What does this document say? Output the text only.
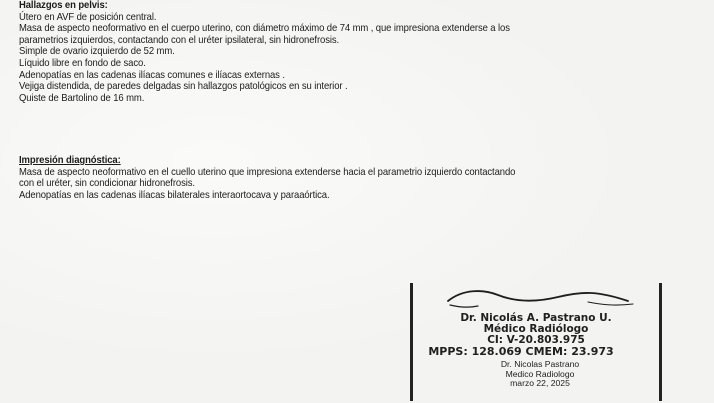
Hallazgos en pelvis:
Útero en AVF de posición central.
Masa de aspecto neoformativo en el cuerpo uterino, con diámetro máximo de 74 mm , que impresiona extenderse a los
parametrios izquierdos, contactando con el uréter ipsilateral, sin hidronefrosis.
Simple de ovario izquierdo de 52 mm.
Líquido libre en fondo de saco.
Adenopatías en las cadenas ilíacas comunes e ilíacas externas .
Vejiga distendida, de paredes delgadas sin hallazgos patológicos en su interior .
Quiste de Bartolino de 16 mm.
Impresión diagnóstica:
Masa de aspecto neoformativo en el cuello uterino que impresiona extenderse hacia el parametrio izquierdo contactando
con el uréter, sin condicionar hidronefrosis.
Adenopatías en las cadenas ilíacas bilaterales interaortocava y paraaórtica.
Dr. Nicolás A. Pastrano U.
Médico Radiólogo
CI: V-20.803.975
MPPS: 128.069 CMEM: 23.973
Dr. Nicolas Pastrano
Medico Radiologo
marzo 22, 2025
